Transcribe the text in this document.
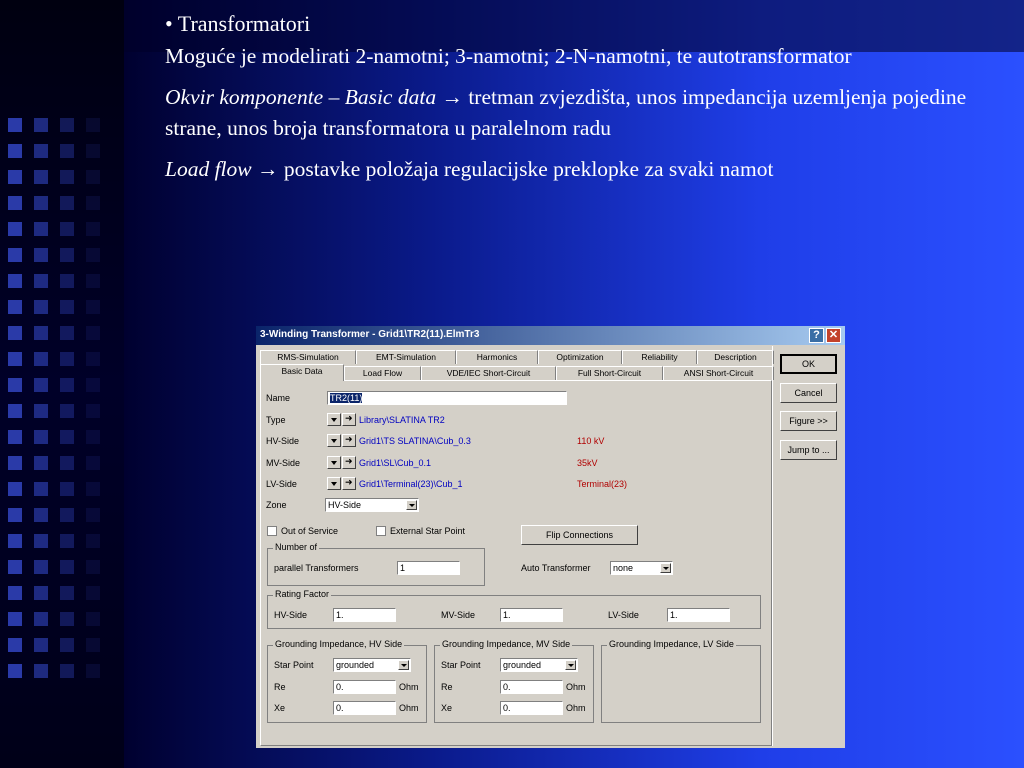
• Transformatori

Moguće je modelirati 2-namotni; 3-namotni; 2-N-namotni, te autotransformator

Okvir komponente – Basic data → tretman zvjezdišta, unos impedancija uzemljenja pojedine strane, unos broja transformatora u paralelnom radu

Load flow → postavke položaja regulacijske preklopke za svaki namot

3-Winding Transformer - Grid1\TR2(11).ElmTr3	? ✕
RMS-Simulation	EMT-Simulation	Harmonics	Optimization	Reliability	Description
Basic Data	Load Flow	VDE/IEC Short-Circuit	Full Short-Circuit	ANSI Short-Circuit
OK
Cancel
Figure >>
Jump to ...
Name	TR2(11)
Type ➜	Library\SLATINA TR2
HV-Side ➜	Grid1\TS SLATINA\Cub_0.3	110 kV
MV-Side ➜	Grid1\SL\Cub_0.1	35kV
LV-Side ➜	Grid1\Terminal(23)\Cub_1	Terminal(23)
Zone	HV-Side
Out of Service	External Star Point	Flip Connections
Number of
parallel Transformers	1	Auto Transformer	none
Rating Factor
HV-Side	1.	MV-Side	1.	LV-Side	1.
Grounding Impedance, HV Side
Star Point	grounded
Re	0.	Ohm
Xe	0.	Ohm
Grounding Impedance, MV Side
Star Point	grounded
Re	0.	Ohm
Xe	0.	Ohm
Grounding Impedance, LV Side
